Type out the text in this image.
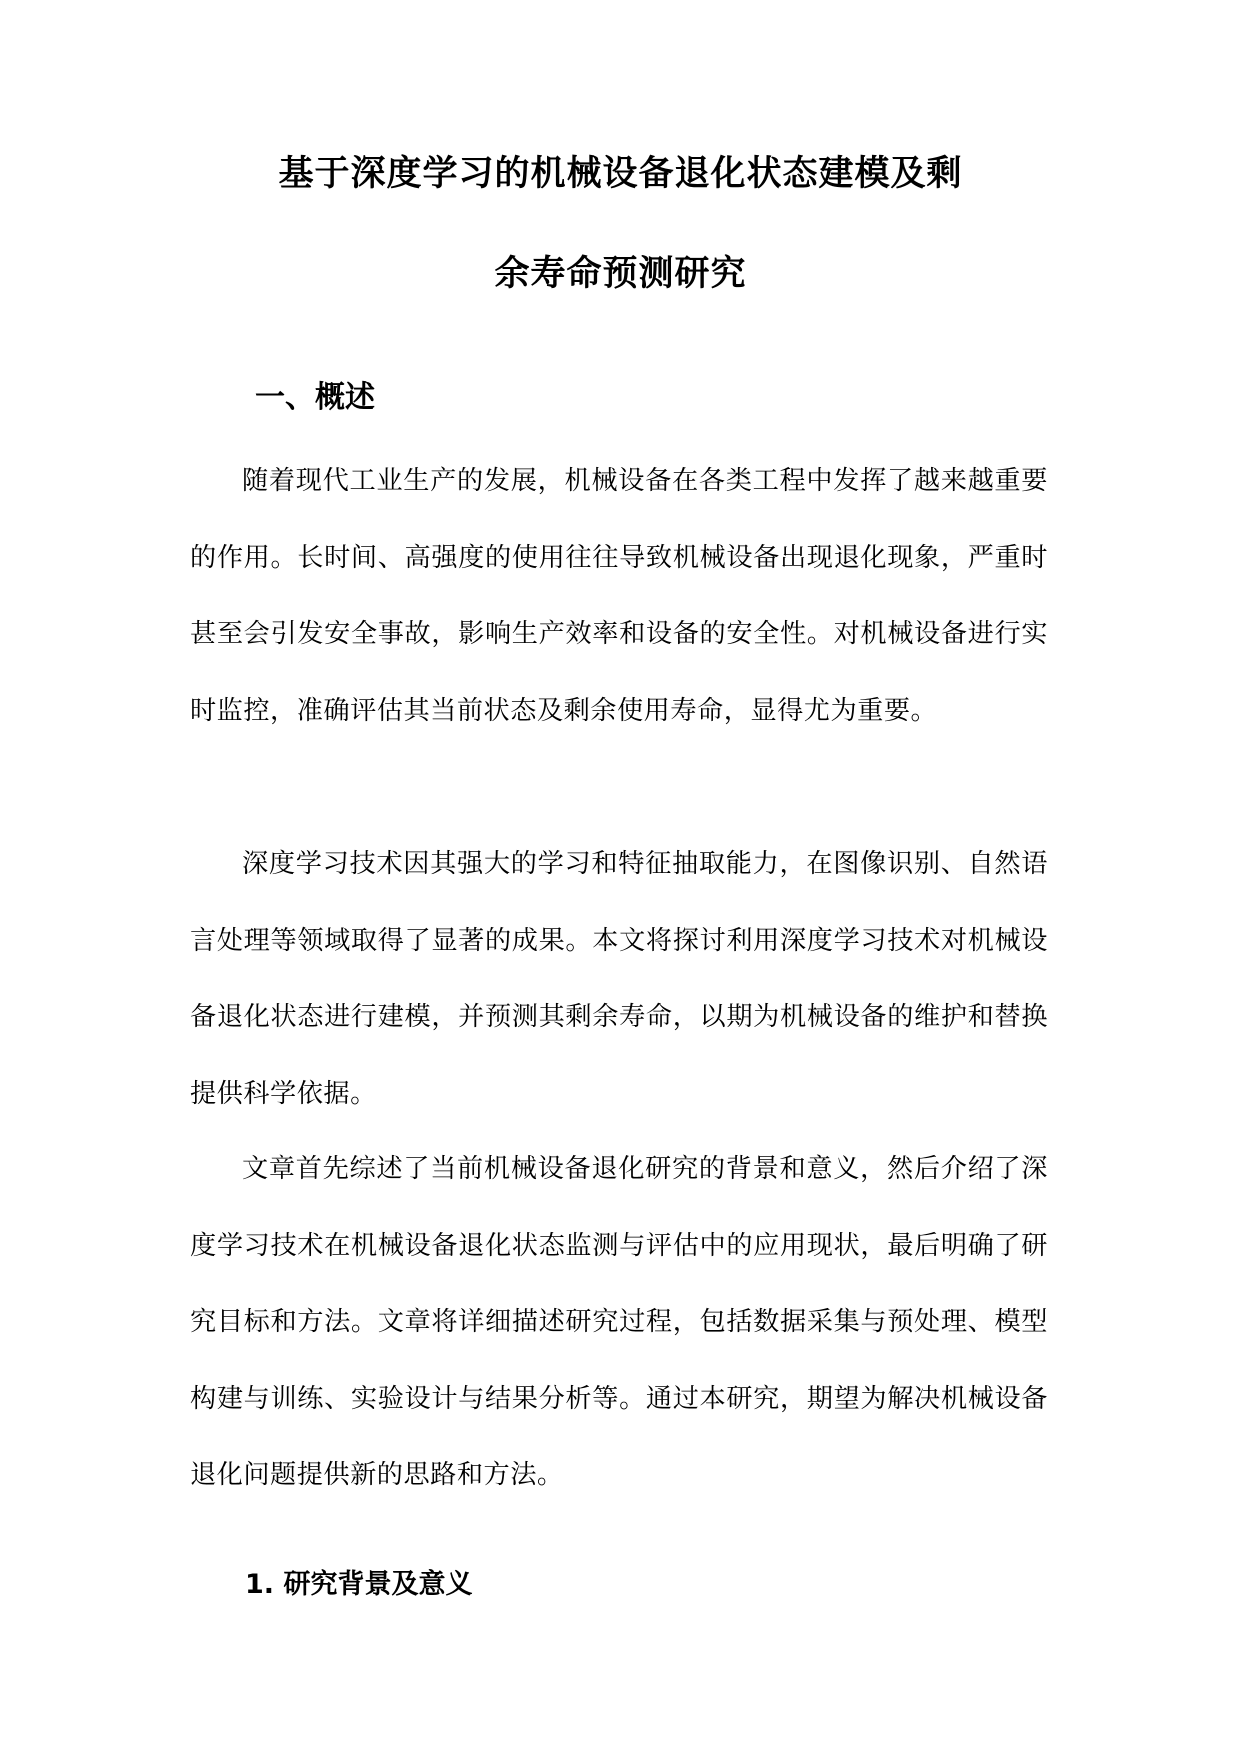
基于深度学习的机械设备退化状态建模及剩
余寿命预测研究
一、概述

随着现代工业生产的发展，机械设备在各类工程中发挥了越来越重要的作用。长时间、高强度的使用往往导致机械设备出现退化现象，严重时甚至会引发安全事故，影响生产效率和设备的安全性。对机械设备进行实时监控，准确评估其当前状态及剩余使用寿命，显得尤为重要。

深度学习技术因其强大的学习和特征抽取能力，在图像识别、自然语言处理等领域取得了显著的成果。本文将探讨利用深度学习技术对机械设备退化状态进行建模，并预测其剩余寿命，以期为机械设备的维护和替换提供科学依据。

文章首先综述了当前机械设备退化研究的背景和意义，然后介绍了深度学习技术在机械设备退化状态监测与评估中的应用现状，最后明确了研究目标和方法。文章将详细描述研究过程，包括数据采集与预处理、模型构建与训练、实验设计与结果分析等。通过本研究，期望为解决机械设备退化问题提供新的思路和方法。

1. 研究背景及意义
